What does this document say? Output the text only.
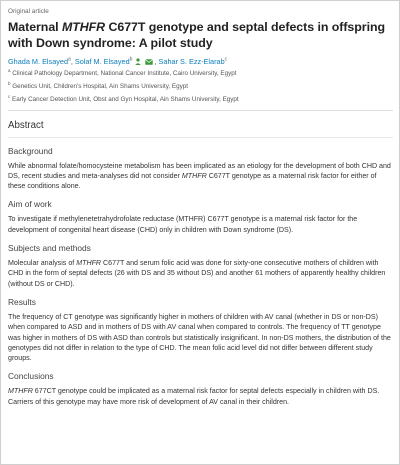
Original article
Maternal MTHFR C677T genotype and septal defects in offspring with Down syndrome: A pilot study
Ghada M. Elsayed$^a$, Solaf M. Elsayed$^b$	, Sahar S. Ezz-Elarab$^c$
$^a$ Clinical Pathology Department, National Cancer Institute, Cairo University, Egypt
$^b$ Genetics Unit, Children's Hospital, Ain Shams University, Egypt
$^c$ Early Cancer Detection Unit, Obst and Gyn Hospital, Ain Shams University, Egypt
Abstract
Background

While abnormal folate/homocysteine metabolism has been implicated as an etiology for the development of both CHD and DS, recent studies and meta-analyses did not consider MTHFR C677T genotype as a maternal risk factor for either of these conditions alone.

Aim of work

To investigate if methylenetetrahydrofolate reductase (MTHFR) C677T genotype is a maternal risk factor for the development of congenital heart disease (CHD) only in children with Down syndrome (DS).

Subjects and methods

Molecular analysis of MTHFR C677T and serum folic acid was done for sixty-one consecutive mothers of children with CHD in the form of septal defects (26 with DS and 35 without DS) and another 61 mothers of apparently healthy children (without DS or CHD).

Results

The frequency of CT genotype was significantly higher in mothers of children with AV canal (whether in DS or non-DS) when compared to ASD and in mothers of DS with AV canal when compared to controls. The frequency of TT genotype was higher in mothers of DS with ASD than controls but statistically insignificant. In non-DS mothers, the distribution of the genotypes did not differ in relation to the type of CHD. The mean folic acid level did not differ between different study groups.

Conclusions

MTHFR 677CT genotype could be implicated as a maternal risk factor for septal defects especially in children with DS. Carriers of this genotype may have more risk of development of AV canal in their children.
